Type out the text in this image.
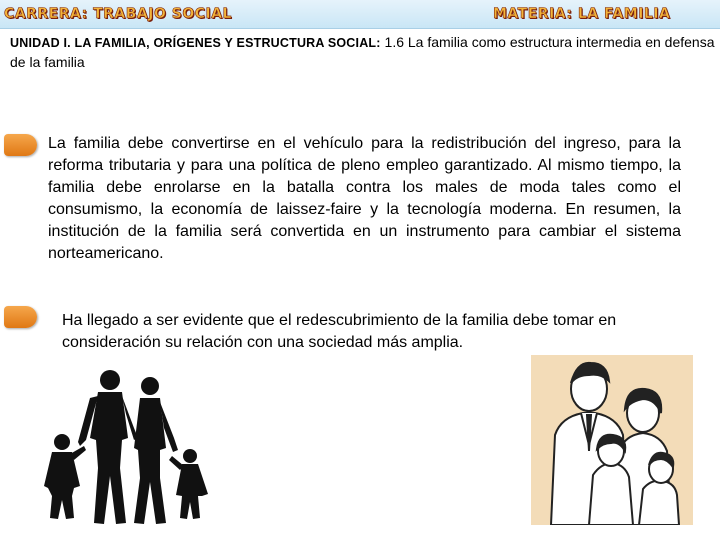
CARRERA: TRABAJO SOCIAL	MATERIA: LA FAMILIA
UNIDAD I. LA FAMILIA, ORÍGENES Y ESTRUCTURA SOCIAL: 1.6 La familia como estructura intermedia en defensa de la familia
La familia debe convertirse en el vehículo para la redistribución del ingreso, para la reforma tributaria y para una política de pleno empleo garantizado. Al mismo tiempo, la familia debe enrolarse en la batalla contra los males de moda tales como el consumismo, la economía de laissez-faire y la tecnología moderna. En resumen, la institución de la familia será convertida en un instrumento para cambiar el sistema norteamericano.
Ha llegado a ser evidente que el redescubrimiento de la familia debe tomar en consideración su relación con una sociedad más amplia.
